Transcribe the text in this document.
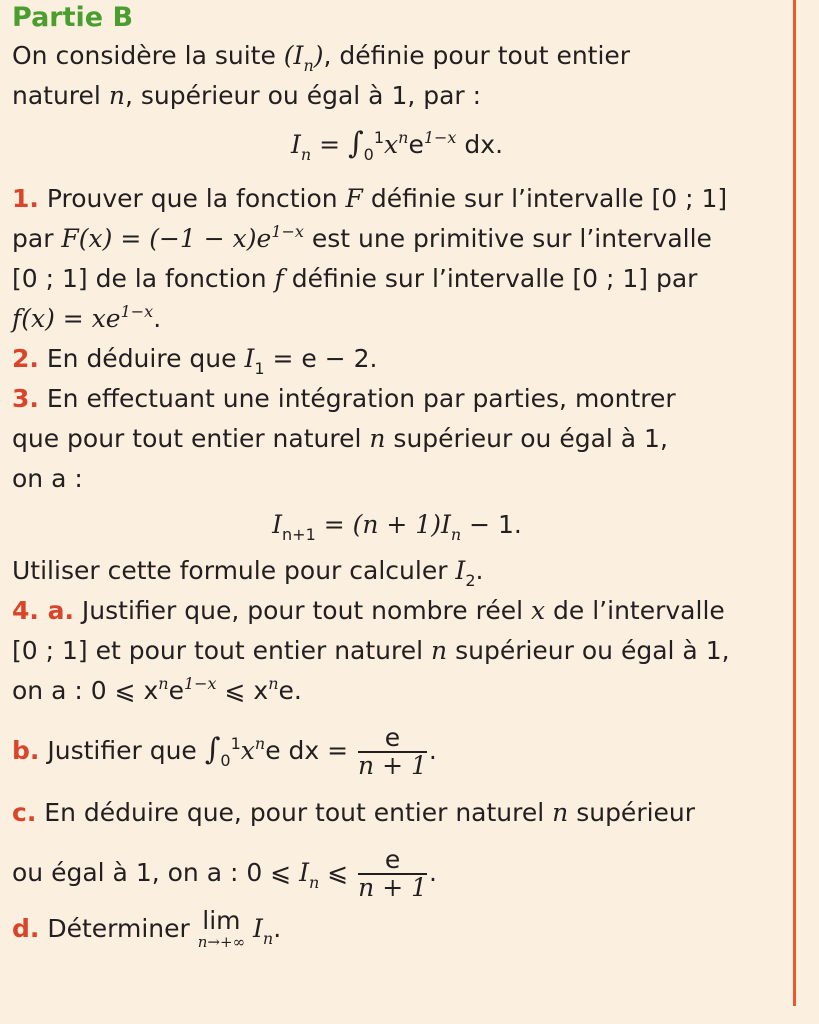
Partie B
On considère la suite $(I_n)$, définie pour tout entier
naturel n, supérieur ou égal à 1, par :
$I_n = \int_0^1x^ne^{1-x}$ dx.
1. Prouver que la fonction F définie sur l’intervalle [0 ; 1]
par $F(x) = (-1 - x)e^{1-x}$ est une primitive sur l’intervalle
[0 ; 1] de la fonction f définie sur l’intervalle [0 ; 1] par
$f(x) = xe^{1-x}$.
2. En déduire que $I_1 = e - 2$.
3. En effectuant une intégration par parties, montrer
que pour tout entier naturel n supérieur ou égal à 1,
on a :
$I_{n+1} = (n + 1)I_n - 1$.
Utiliser cette formule pour calculer $I_2$.
4. a. Justifier que, pour tout nombre réel x de l’intervalle
[0 ; 1] et pour tout entier naturel n supérieur ou égal à 1,
on a : 0 ⩽ $x^ne^{1-x}$ ⩽ $x^ne$.
b. Justifier que $\int_0^1x^ne$ dx = $\frac{e}{n + 1}$ .
c. En déduire que, pour tout entier naturel n supérieur
ou égal à 1, on a : 0 ⩽ $I_n$ ⩽ $\frac{e}{n + 1}$ .
d. Déterminer lim
n→+∞ $I_n$.
